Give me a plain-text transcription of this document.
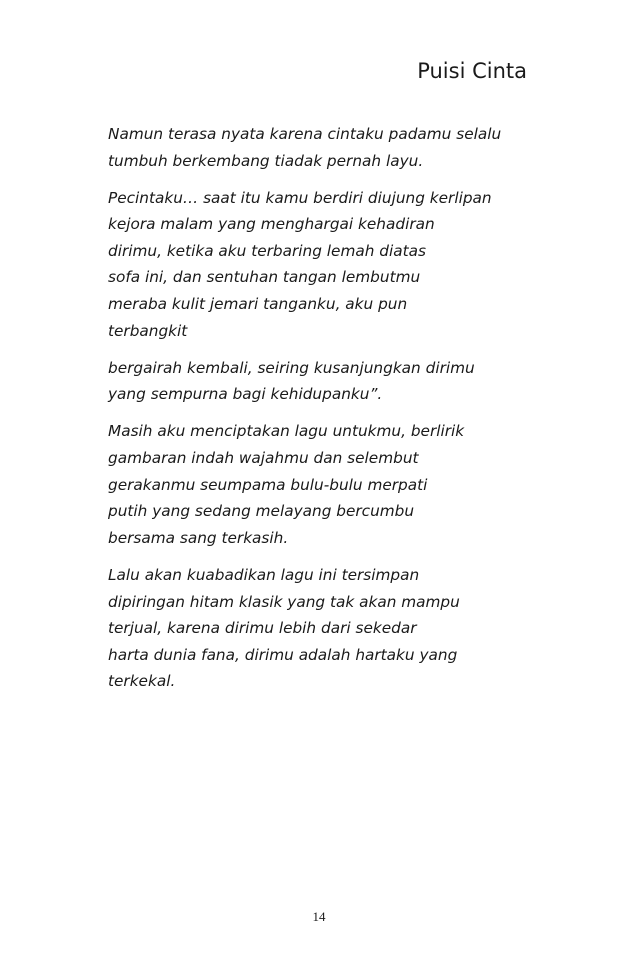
Puisi Cinta

Namun terasa nyata karena cintaku padamu selalu
tumbuh berkembang tiadak pernah layu.

Pecintaku… saat itu kamu berdiri diujung kerlipan
kejora malam yang menghargai kehadiran
dirimu, ketika aku terbaring lemah diatas
sofa ini, dan sentuhan tangan lembutmu
meraba kulit jemari tanganku, aku pun
terbangkit

bergairah kembali, seiring kusanjungkan dirimu
yang sempurna bagi kehidupanku”.

Masih aku menciptakan lagu untukmu, berlirik
gambaran indah wajahmu dan selembut
gerakanmu seumpama bulu-bulu merpati
putih yang sedang melayang bercumbu
bersama sang terkasih.

Lalu akan kuabadikan lagu ini tersimpan
dipiringan hitam klasik yang tak akan mampu
terjual, karena dirimu lebih dari sekedar
harta dunia fana, dirimu adalah hartaku yang
terkekal.

14
